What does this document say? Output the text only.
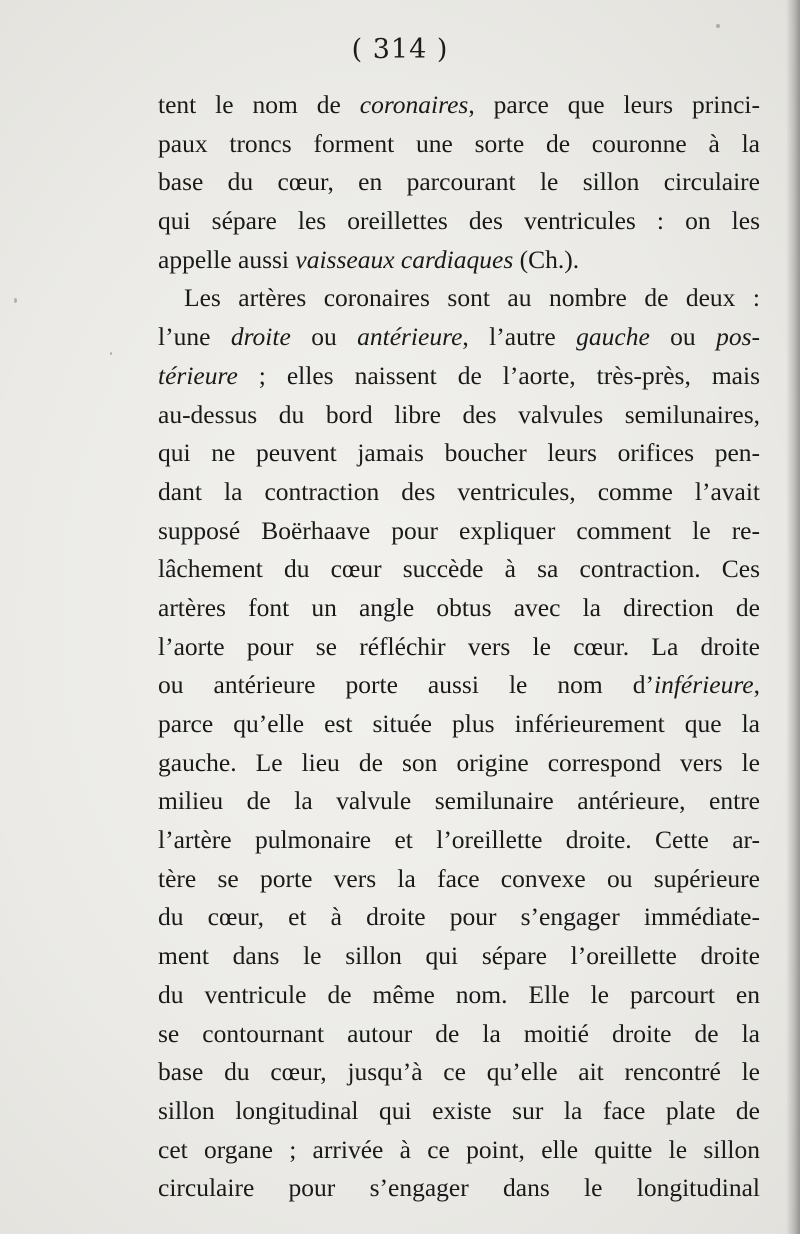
( 314 )
tent le nom de coronaires, parce que leurs princi-
paux troncs forment une sorte de couronne à la
base du cœur, en parcourant le sillon circulaire
qui sépare les oreillettes des ventricules : on les
appelle aussi vaisseaux cardiaques (Ch.).
Les artères coronaires sont au nombre de deux :
l’une droite ou antérieure, l’autre gauche ou pos-
térieure ; elles naissent de l’aorte, très-près, mais
au-dessus du bord libre des valvules semilunaires,
qui ne peuvent jamais boucher leurs orifices pen-
dant la contraction des ventricules, comme l’avait
supposé Boërhaave pour expliquer comment le re-
lâchement du cœur succède à sa contraction. Ces
artères font un angle obtus avec la direction de
l’aorte pour se réfléchir vers le cœur. La droite
ou antérieure porte aussi le nom d’inférieure,
parce qu’elle est située plus inférieurement que la
gauche. Le lieu de son origine correspond vers le
milieu de la valvule semilunaire antérieure, entre
l’artère pulmonaire et l’oreillette droite. Cette ar-
tère se porte vers la face convexe ou supérieure
du cœur, et à droite pour s’engager immédiate-
ment dans le sillon qui sépare l’oreillette droite
du ventricule de même nom. Elle le parcourt en
se contournant autour de la moitié droite de la
base du cœur, jusqu’à ce qu’elle ait rencontré le
sillon longitudinal qui existe sur la face plate de
cet organe ; arrivée à ce point, elle quitte le sillon
circulaire pour s’engager dans le longitudinal
